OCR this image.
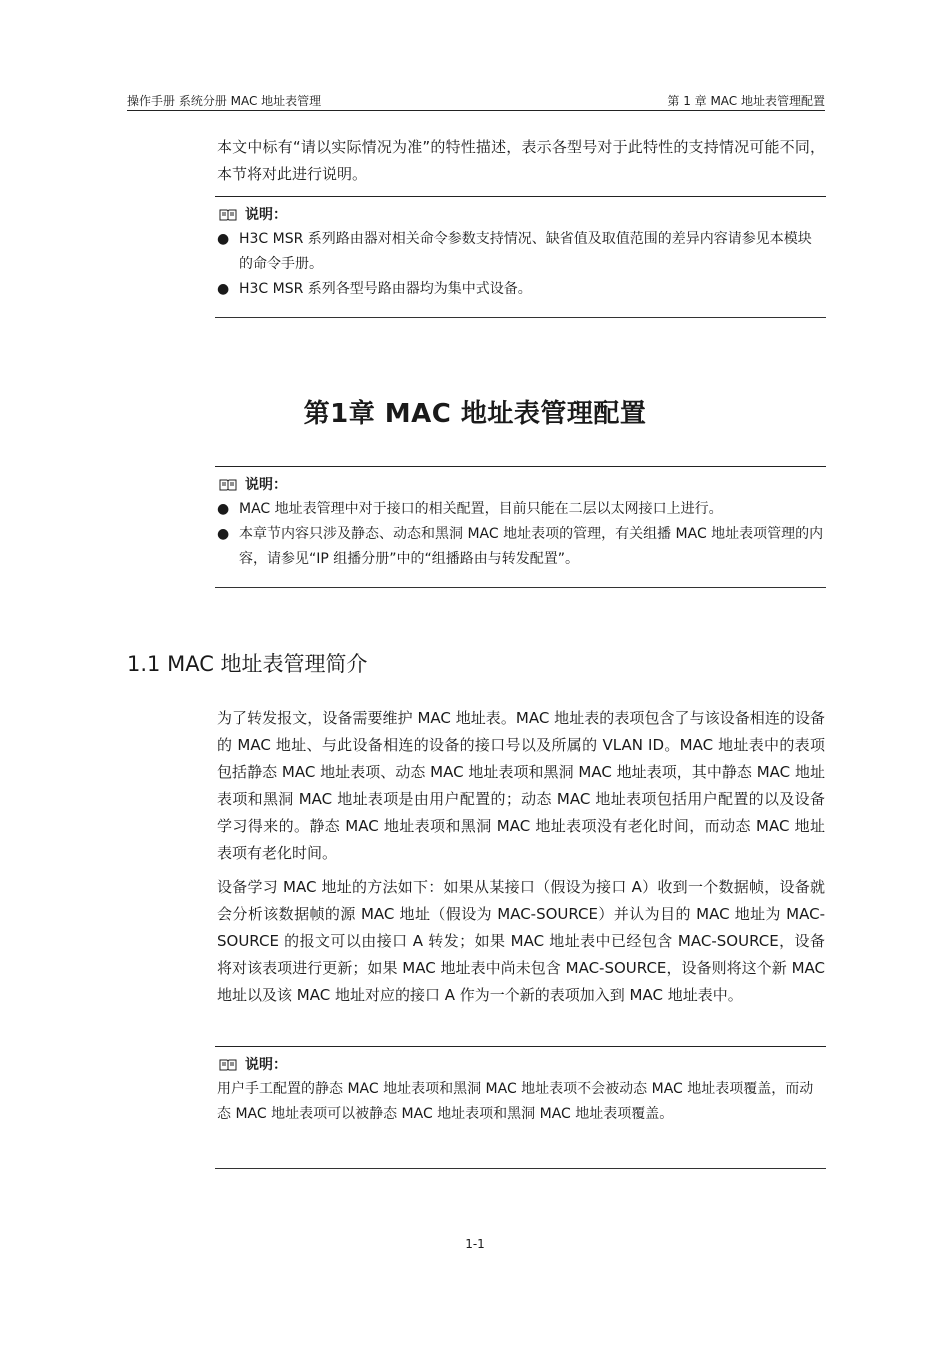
操作手册 系统分册 MAC 地址表管理	第 1 章 MAC 地址表管理配置

本文中标有“请以实际情况为准”的特性描述，表示各型号对于此特性的支持情况可能不同，本节将对此进行说明。

说明：
● H3C MSR 系列路由器对相关命令参数支持情况、缺省值及取值范围的差异内容请参见本模块的命令手册。
● H3C MSR 系列各型号路由器均为集中式设备。
第1章 MAC 地址表管理配置
说明：
● MAC 地址表管理中对于接口的相关配置，目前只能在二层以太网接口上进行。
● 本章节内容只涉及静态、动态和黑洞 MAC 地址表项的管理，有关组播 MAC 地址表项管理的内容，请参见“IP 组播分册”中的“组播路由与转发配置”。
1.1 MAC 地址表管理简介

为了转发报文，设备需要维护 MAC 地址表。MAC 地址表的表项包含了与该设备相连的设备的 MAC 地址、与此设备相连的设备的接口号以及所属的 VLAN ID。MAC 地址表中的表项包括静态 MAC 地址表项、动态 MAC 地址表项和黑洞 MAC 地址表项，其中静态 MAC 地址表项和黑洞 MAC 地址表项是由用户配置的；动态 MAC 地址表项包括用户配置的以及设备学习得来的。静态 MAC 地址表项和黑洞 MAC 地址表项没有老化时间，而动态 MAC 地址表项有老化时间。

设备学习 MAC 地址的方法如下：如果从某接口（假设为接口 A）收到一个数据帧，设备就会分析该数据帧的源 MAC 地址（假设为 MAC-SOURCE）并认为目的 MAC 地址为 MAC-SOURCE 的报文可以由接口 A 转发；如果 MAC 地址表中已经包含 MAC-SOURCE，设备将对该表项进行更新；如果 MAC 地址表中尚未包含 MAC-SOURCE，设备则将这个新 MAC 地址以及该 MAC 地址对应的接口 A 作为一个新的表项加入到 MAC 地址表中。

说明：

用户手工配置的静态 MAC 地址表项和黑洞 MAC 地址表项不会被动态 MAC 地址表项覆盖，而动态 MAC 地址表项可以被静态 MAC 地址表项和黑洞 MAC 地址表项覆盖。

1-1
